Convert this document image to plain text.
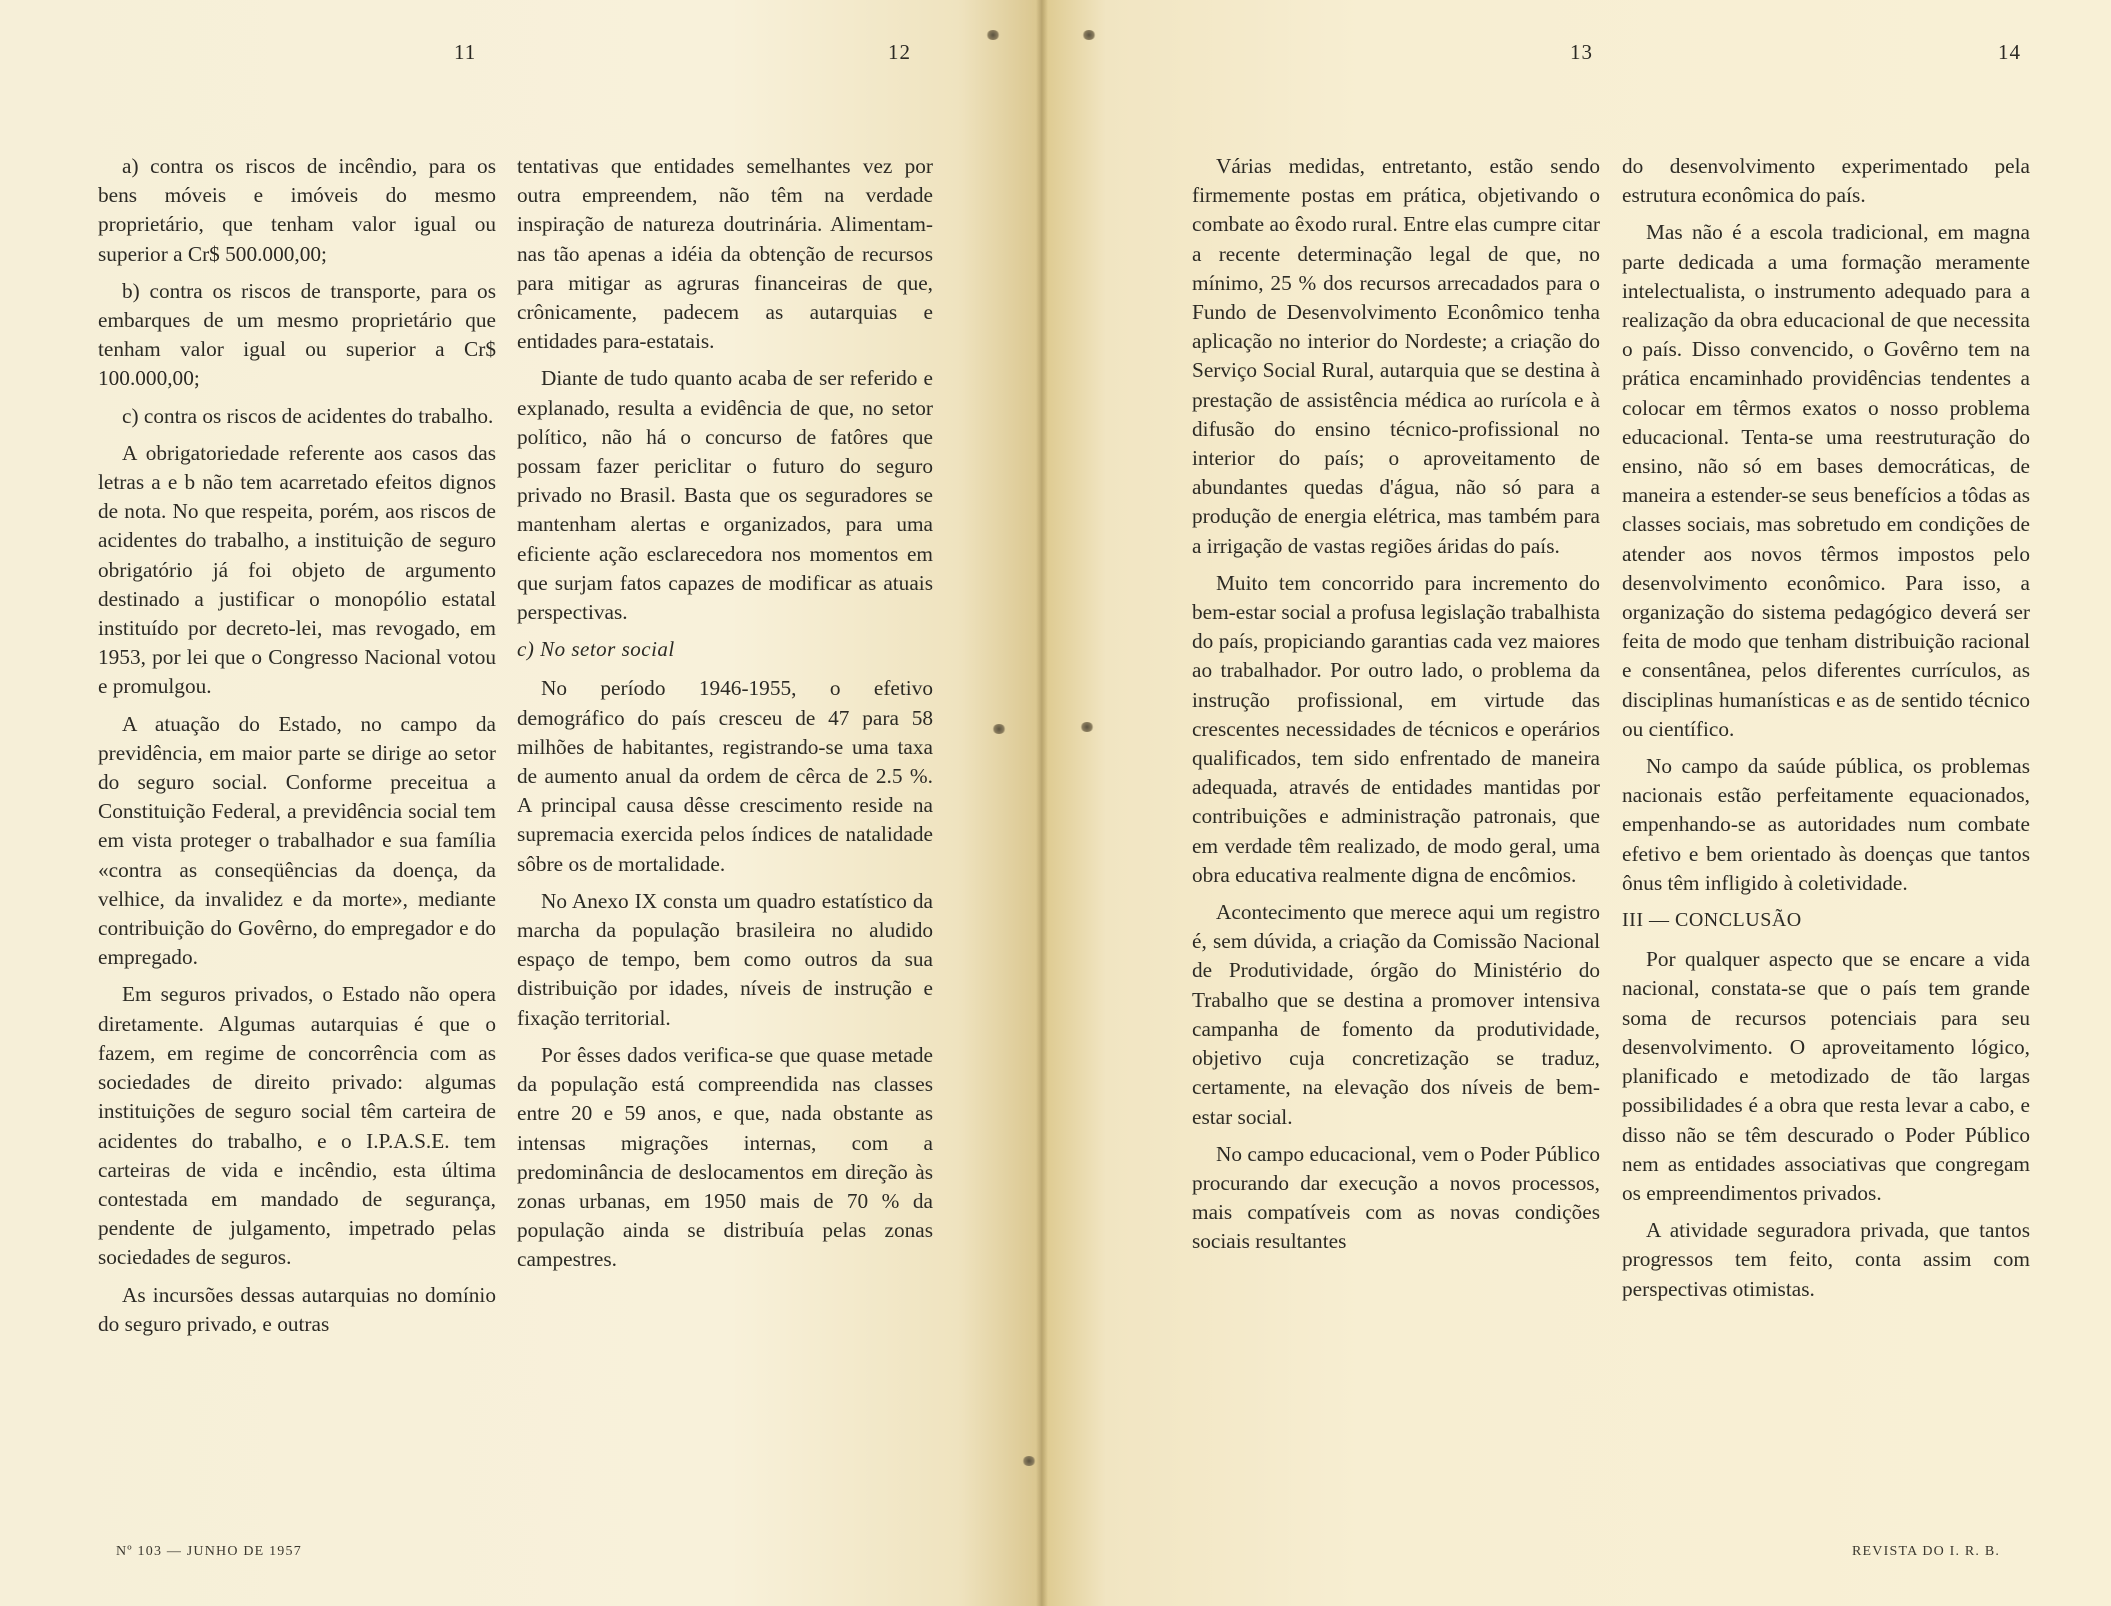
11	12

a) contra os riscos de incêndio, para os bens móveis e imóveis do mesmo proprietário, que tenham valor igual ou superior a Cr$ 500.000,00;

b) contra os riscos de transporte, para os embarques de um mesmo proprietário que tenham valor igual ou superior a Cr$ 100.000,00;

c) contra os riscos de acidentes do trabalho.

A obrigatoriedade referente aos casos das letras a e b não tem acarretado efeitos dignos de nota. No que respeita, porém, aos riscos de acidentes do trabalho, a instituição de seguro obrigatório já foi objeto de argumento destinado a justificar o monopólio estatal instituído por decreto-lei, mas revogado, em 1953, por lei que o Congresso Nacional votou e promulgou.

A atuação do Estado, no campo da previdência, em maior parte se dirige ao setor do seguro social. Conforme preceitua a Constituição Federal, a previdência social tem em vista proteger o trabalhador e sua família «contra as conseqüências da doença, da velhice, da invalidez e da morte», mediante contribuição do Govêrno, do empregador e do empregado.

Em seguros privados, o Estado não opera diretamente. Algumas autarquias é que o fazem, em regime de concorrência com as sociedades de direito privado: algumas instituições de seguro social têm carteira de acidentes do trabalho, e o I.P.A.S.E. tem carteiras de vida e incêndio, esta última contestada em mandado de segurança, pendente de julgamento, impetrado pelas sociedades de seguros.

As incursões dessas autarquias no domínio do seguro privado, e outras

tentativas que entidades semelhantes vez por outra empreendem, não têm na verdade inspiração de natureza doutrinária. Alimentam-nas tão apenas a idéia da obtenção de recursos para mitigar as agruras financeiras de que, crônicamente, padecem as autarquias e entidades para-estatais.

Diante de tudo quanto acaba de ser referido e explanado, resulta a evidência de que, no setor político, não há o concurso de fatôres que possam fazer periclitar o futuro do seguro privado no Brasil. Basta que os seguradores se mantenham alertas e organizados, para uma eficiente ação esclarecedora nos momentos em que surjam fatos capazes de modificar as atuais perspectivas.

c) No setor social

No período 1946-1955, o efetivo demográfico do país cresceu de 47 para 58 milhões de habitantes, registrando-se uma taxa de aumento anual da ordem de cêrca de 2.5 %. A principal causa dêsse crescimento reside na supremacia exercida pelos índices de natalidade sôbre os de mortalidade.

No Anexo IX consta um quadro estatístico da marcha da população brasileira no aludido espaço de tempo, bem como outros da sua distribuição por idades, níveis de instrução e fixação territorial.

Por êsses dados verifica-se que quase metade da população está compreendida nas classes entre 20 e 59 anos, e que, nada obstante as intensas migrações internas, com a predominância de deslocamentos em direção às zonas urbanas, em 1950 mais de 70 % da população ainda se distribuía pelas zonas campestres.

Nº 103 — JUNHO DE 1957
13	14

Várias medidas, entretanto, estão sendo firmemente postas em prática, objetivando o combate ao êxodo rural. Entre elas cumpre citar a recente determinação legal de que, no mínimo, 25 % dos recursos arrecadados para o Fundo de Desenvolvimento Econômico tenha aplicação no interior do Nordeste; a criação do Serviço Social Rural, autarquia que se destina à prestação de assistência médica ao rurícola e à difusão do ensino técnico-profissional no interior do país; o aproveitamento de abundantes quedas d'água, não só para a produção de energia elétrica, mas também para a irrigação de vastas regiões áridas do país.

Muito tem concorrido para incremento do bem-estar social a profusa legislação trabalhista do país, propiciando garantias cada vez maiores ao trabalhador. Por outro lado, o problema da instrução profissional, em virtude das crescentes necessidades de técnicos e operários qualificados, tem sido enfrentado de maneira adequada, através de entidades mantidas por contribuições e administração patronais, que em verdade têm realizado, de modo geral, uma obra educativa realmente digna de encômios.

Acontecimento que merece aqui um registro é, sem dúvida, a criação da Comissão Nacional de Produtividade, órgão do Ministério do Trabalho que se destina a promover intensiva campanha de fomento da produtividade, objetivo cuja concretização se traduz, certamente, na elevação dos níveis de bem-estar social.

No campo educacional, vem o Poder Público procurando dar execução a novos processos, mais compatíveis com as novas condições sociais resultantes

do desenvolvimento experimentado pela estrutura econômica do país.

Mas não é a escola tradicional, em magna parte dedicada a uma formação meramente intelectualista, o instrumento adequado para a realização da obra educacional de que necessita o país. Disso convencido, o Govêrno tem na prática encaminhado providências tendentes a colocar em têrmos exatos o nosso problema educacional. Tenta-se uma reestruturação do ensino, não só em bases democráticas, de maneira a estender-se seus benefícios a tôdas as classes sociais, mas sobretudo em condições de atender aos novos têrmos impostos pelo desenvolvimento econômico. Para isso, a organização do sistema pedagógico deverá ser feita de modo que tenham distribuição racional e consentânea, pelos diferentes currículos, as disciplinas humanísticas e as de sentido técnico ou científico.

No campo da saúde pública, os problemas nacionais estão perfeitamente equacionados, empenhando-se as autoridades num combate efetivo e bem orientado às doenças que tantos ônus têm infligido à coletividade.

III — CONCLUSÃO

Por qualquer aspecto que se encare a vida nacional, constata-se que o país tem grande soma de recursos potenciais para seu desenvolvimento. O aproveitamento lógico, planificado e metodizado de tão largas possibilidades é a obra que resta levar a cabo, e disso não se têm descurado o Poder Público nem as entidades associativas que congregam os empreendimentos privados.

A atividade seguradora privada, que tantos progressos tem feito, conta assim com perspectivas otimistas.

REVISTA DO I. R. B.
